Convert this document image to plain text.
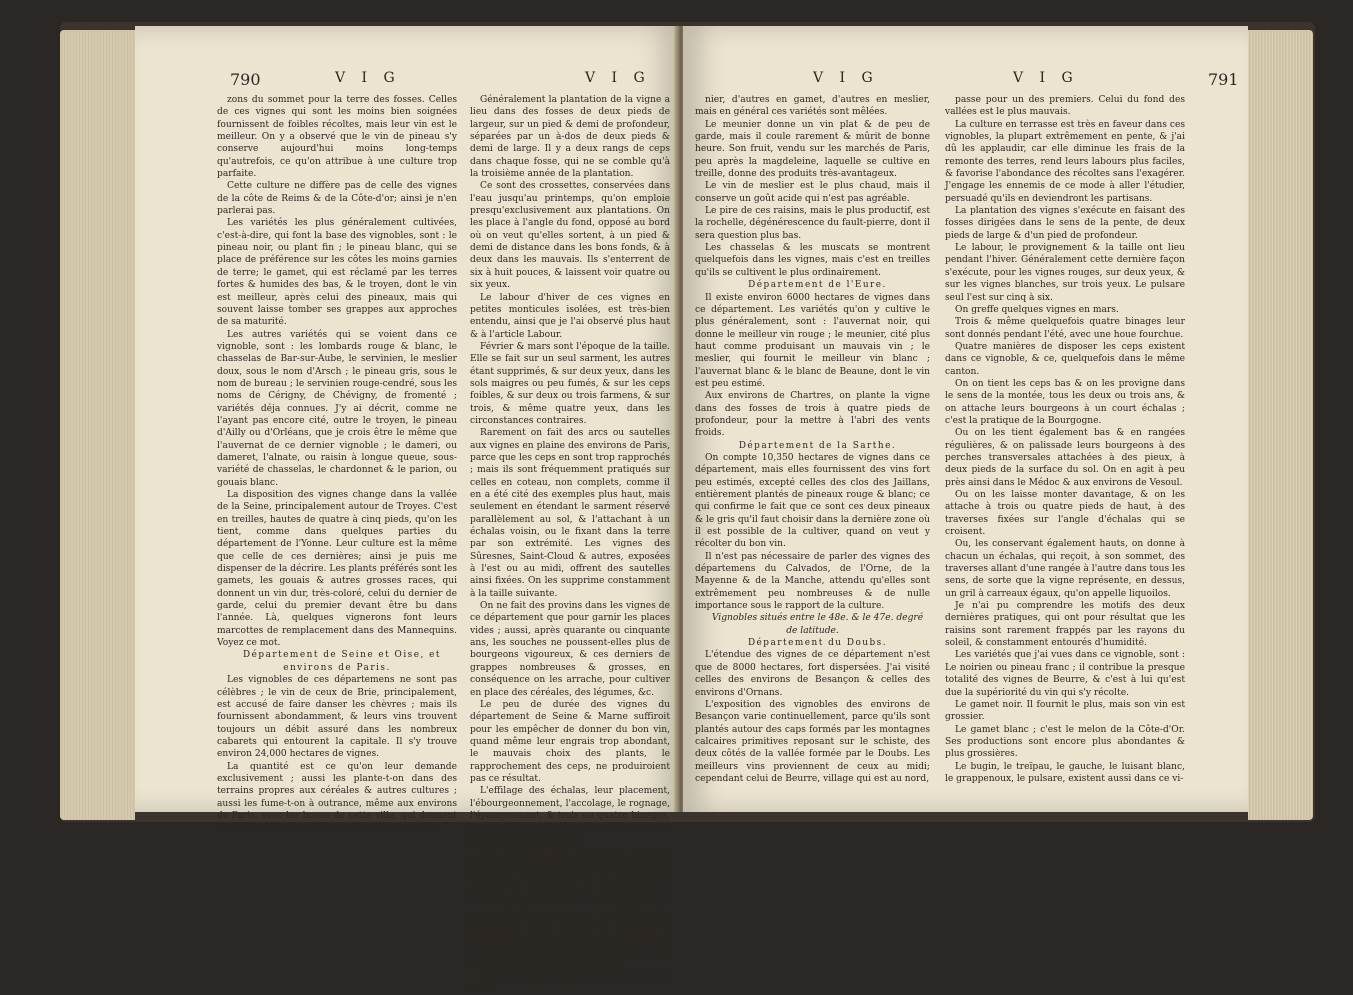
790	V I G	V I G

zons du sommet pour la terre des fosses. Celles de ces vignes qui sont les moins bien soignées fournissent de foibles récoltes, mais leur vin est le meilleur. On y a observé que le vin de pineau s'y conserve aujourd'hui moins long-temps qu'autrefois, ce qu'on attribue à une culture trop parfaite.

Cette culture ne diffère pas de celle des vignes de la côte de Reims & de la Côte-d'or; ainsi je n'en parlerai pas.

Les variétés les plus généralement cultivées, c'est-à-dire, qui font la base des vignobles, sont : le pineau noir, ou plant fin ; le pineau blanc, qui se place de préférence sur les côtes les moins garnies de terre; le gamet, qui est réclamé par les terres fortes & humides des bas, & le troyen, dont le vin est meilleur, après celui des pineaux, mais qui souvent laisse tomber ses grappes aux approches de sa maturité.

Les autres variétés qui se voient dans ce vignoble, sont : les lombards rouge & blanc, le chasselas de Bar-sur-Aube, le servinien, le meslier doux, sous le nom d'Arsch ; le pineau gris, sous le nom de bureau ; le servinien rouge-cendré, sous les noms de Cérigny, de Chévigny, de fromenté ; variétés déja connues. J'y ai décrit, comme ne l'ayant pas encore cité, outre le troyen, le pineau d'Ailly ou d'Orléans, que je crois être le même que l'auvernat de ce dernier vignoble ; le dameri, ou dameret, l'alnate, ou raisin à longue queue, sous-variété de chasselas, le chardonnet & le parion, ou gouais blanc.

La disposition des vignes change dans la vallée de la Seine, principalement autour de Troyes. C'est en treilles, hautes de quatre à cinq pieds, qu'on les tient, comme dans quelques parties du département de l'Yonne. Leur culture est la même que celle de ces dernières; ainsi je puis me dispenser de la décrire. Les plants préférés sont les gamets, les gouais & autres grosses races, qui donnent un vin dur, très-coloré, celui du dernier de garde, celui du premier devant être bu dans l'année. Là, quelques vignerons font leurs marcottes de remplacement dans des Mannequins. Voyez ce mot.

Département de Seine et Oise, et environs de Paris.

Les vignobles de ces départemens ne sont pas célèbres ; le vin de ceux de Brie, principalement, est accusé de faire danser les chèvres ; mais ils fournissent abondamment, & leurs vins trouvent toujours un débit assuré dans les nombreux cabarets qui entourent la capitale. Il s'y trouve environ 24,000 hectares de vignes.

La quantité est ce qu'on leur demande exclusivement ; aussi les plante-t-on dans des terrains propres aux céréales & autres cultures ; aussi les fume-t-on à outrance, même aux environs de Paris, avec les boues de cette ville, qui donnent à leur vin une odeur & une saveur repoussante.

Généralement la plantation de la vigne a lieu dans des fosses de deux pieds de largeur, sur un pied & demi de profondeur, séparées par un à-dos de deux pieds & demi de large. Il y a deux rangs de ceps dans chaque fosse, qui ne se comble qu'à la troisième année de la plantation.

Ce sont des crossettes, conservées dans l'eau jusqu'au printemps, qu'on emploie presqu'exclusivement aux plantations. On les place à l'angle du fond, opposé au bord où on veut qu'elles sortent, à un pied & demi de distance dans les bons fonds, & à deux dans les mauvais. Ils s'enterrent de six à huit pouces, & laissent voir quatre ou six yeux.

Le labour d'hiver de ces vignes en petites monticules isolées, est très-bien entendu, ainsi que je l'ai observé plus haut & à l'article Labour.

Février & mars sont l'époque de la taille. Elle se fait sur un seul sarment, les autres étant supprimés, & sur deux yeux, dans les sols maigres ou peu fumés, & sur les ceps foibles, & sur deux ou trois farmens, & sur trois, & même quatre yeux, dans les circonstances contraires.

Rarement on fait des arcs ou sautelles aux vignes en plaine des environs de Paris, parce que les ceps en sont trop rapprochés ; mais ils sont fréquemment pratiqués sur celles en coteau, non complets, comme il en a été cité des exemples plus haut, mais seulement en étendant le sarment réservé parallèlement au sol, & l'attachant à un échalas voisin, ou le fixant dans la terre par son extrémité. Les vignes des Sûresnes, Saint-Cloud & autres, exposées à l'est ou au midi, offrent des sautelles ainsi fixées. On les supprime constamment à la taille suivante.

On ne fait des provins dans les vignes de ce département que pour garnir les places vides ; aussi, après quarante ou cinquante ans, les souches ne poussent-elles plus de bourgeons vigoureux, & ces derniers de grappes nombreuses & grosses, en conséquence on les arrache, pour cultiver en place des céréales, des légumes, &c.

Le peu de durée des vignes du département de Seine & Marne suffiroit pour les empêcher de donner du bon vin, quand même leur engrais trop abondant, le mauvais choix des plants, le rapprochement des ceps, ne produiroient pas ce résultat.

L'effilage des échalas, leur placement, l'ébourgeonnement, l'accolage, le rognage, l'épamprement, & trois ou quatre binages, sont les façons qu'on donne à ces vignes dans le courant de l'été.

Les variétés qui se voient le plus fréquemment dans les vignes des environs de Paris, sont : en noir, le meunier, le gamet, le maurelot ou languedoc, le morillon, le plant de roi ou bourguignon, le pineau franc, le noireau ou négrier, le samoireau ; en blanc, le meslier, le bourguignon ou feuille ronde, le morillon, le gouais, le plant de laus, la rochelle ; en gris, le muscadet ou pineau gris.

Il est des vignes uniquement plantées en meu-

V I G	V I G	791

nier, d'autres en gamet, d'autres en meslier, mais en général ces variétés sont mêlées.

Le meunier donne un vin plat & de peu de garde, mais il coule rarement & mûrit de bonne heure. Son fruit, vendu sur les marchés de Paris, peu après la magdeleine, laquelle se cultive en treille, donne des produits très-avantageux.

Le vin de meslier est le plus chaud, mais il conserve un goût acide qui n'est pas agréable.

Le pire de ces raisins, mais le plus productif, est la rochelle, dégénérescence du fault-pierre, dont il sera question plus bas.

Les chasselas & les muscats se montrent quelquefois dans les vignes, mais c'est en treilles qu'ils se cultivent le plus ordinairement.

Département de l'Eure.

Il existe environ 6000 hectares de vignes dans ce département. Les variétés qu'on y cultive le plus généralement, sont : l'auvernat noir, qui donne le meilleur vin rouge ; le meunier, cité plus haut comme produisant un mauvais vin ; le meslier, qui fournit le meilleur vin blanc ; l'auvernat blanc & le blanc de Beaune, dont le vin est peu estimé.

Aux environs de Chartres, on plante la vigne dans des fosses de trois à quatre pieds de profondeur, pour la mettre à l'abri des vents froids.

Département de la Sarthe.

On compte 10,350 hectares de vignes dans ce département, mais elles fournissent des vins fort peu estimés, excepté celles des clos des Jaillans, entièrement plantés de pineaux rouge & blanc; ce qui confirme le fait que ce sont ces deux pineaux & le gris qu'il faut choisir dans la dernière zone où il est possible de la cultiver, quand on veut y récolter du bon vin.

Il n'est pas nécessaire de parler des vignes des départemens du Calvados, de l'Orne, de la Mayenne & de la Manche, attendu qu'elles sont extrêmement peu nombreuses & de nulle importance sous le rapport de la culture.

Vignobles situés entre le 48e. & le 47e. degré de latitude.

Département du Doubs.

L'étendue des vignes de ce département n'est que de 8000 hectares, fort dispersées. J'ai visité celles des environs de Besançon & celles des environs d'Ornans.

L'exposition des vignobles des environs de Besançon varie continuellement, parce qu'ils sont plantés autour des caps formés par les montagnes calcaires primitives reposant sur le schiste, des deux côtés de la vallée formée par le Doubs. Les meilleurs vins proviennent de ceux au midi; cependant celui de Beurre, village qui est au nord,

passe pour un des premiers. Celui du fond des vallées est le plus mauvais.

La culture en terrasse est très en faveur dans ces vignobles, la plupart extrêmement en pente, & j'ai dû les applaudir, car elle diminue les frais de la remonte des terres, rend leurs labours plus faciles, & favorise l'abondance des récoltes sans l'exagérer. J'engage les ennemis de ce mode à aller l'étudier, persuadé qu'ils en deviendront les partisans.

La plantation des vignes s'exécute en faisant des fosses dirigées dans le sens de la pente, de deux pieds de large & d'un pied de profondeur.

Le labour, le provignement & la taille ont lieu pendant l'hiver. Généralement cette dernière façon s'exécute, pour les vignes rouges, sur deux yeux, & sur les vignes blanches, sur trois yeux. Le pulsare seul l'est sur cinq à six.

On greffe quelques vignes en mars.

Trois & même quelquefois quatre binages leur sont donnés pendant l'été, avec une houe fourchue.

Quatre manières de disposer les ceps existent dans ce vignoble, & ce, quelquefois dans le même canton.

On on tient les ceps bas & on les provigne dans le sens de la montée, tous les deux ou trois ans, & on attache leurs bourgeons à un court échalas ; c'est la pratique de la Bourgogne.

Ou on les tient également bas & en rangées régulières, & on palissade leurs bourgeons à des perches transversales attachées à des pieux, à deux pieds de la surface du sol. On en agit à peu près ainsi dans le Médoc & aux environs de Vesoul.

Ou on les laisse monter davantage, & on les attache à trois ou quatre pieds de haut, à des traverses fixées sur l'angle d'échalas qui se croisent.

Ou, les conservant également hauts, on donne à chacun un échalas, qui reçoit, à son sommet, des traverses allant d'une rangée à l'autre dans tous les sens, de sorte que la vigne représente, en dessus, un gril à carreaux égaux, qu'on appelle liquoilos.

Je n'ai pu comprendre les motifs des deux dernières pratiques, qui ont pour résultat que les raisins sont rarement frappés par les rayons du soleil, & constamment entourés d'humidité.

Les variétés que j'ai vues dans ce vignoble, sont : Le noirien ou pineau franc ; il contribue la presque totalité des vignes de Beurre, & c'est à lui qu'est due la supériorité du vin qui s'y récolte.

Le gamet noir. Il fournit le plus, mais son vin est grossier.

Le gamet blanc ; c'est le melon de la Côte-d'Or. Ses productions sont encore plus abondantes & plus grossières.

Le bugin, le treïpau, le gauche, le luisant blanc, le grappenoux, le pulsare, existent aussi dans ce vi-
